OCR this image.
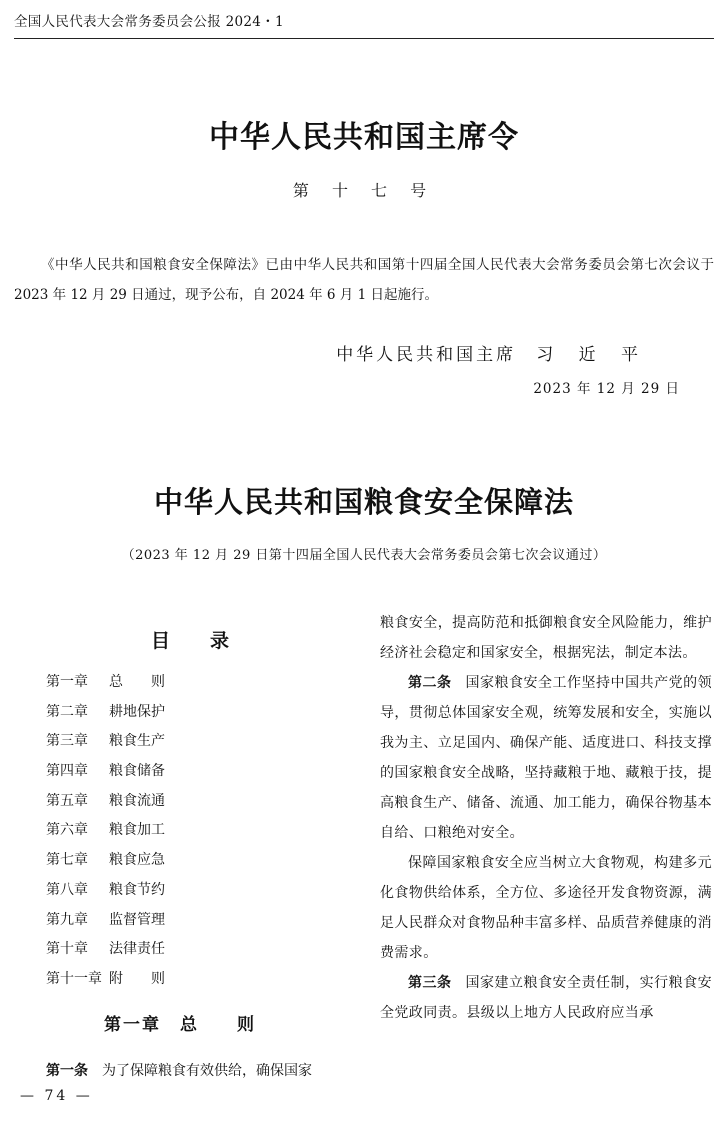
全国人民代表大会常务委员会公报 2024・1
中华人民共和国主席令
第 十 七 号
《中华人民共和国粮食安全保障法》已由中华人民共和国第十四届全国人民代表大会常务委员会第七次会议于 2023 年 12 月 29 日通过，现予公布，自 2024 年 6 月 1 日起施行。
中华人民共和国主席 习 近 平
2023 年 12 月 29 日
中华人民共和国粮食安全保障法
（2023 年 12 月 29 日第十四届全国人民代表大会常务委员会第七次会议通过）
目录
第一章 总　　则
第二章 耕地保护
第三章 粮食生产
第四章 粮食储备
第五章 粮食流通
第六章 粮食加工
第七章 粮食应急
第八章 粮食节约
第九章 监督管理
第十章 法律责任
第十一章 附　　则
第一章　总　　则
第一条 为了保障粮食有效供给，确保国家

粮食安全，提高防范和抵御粮食安全风险能力，维护经济社会稳定和国家安全，根据宪法，制定本法。

第二条 国家粮食安全工作坚持中国共产党的领导，贯彻总体国家安全观，统筹发展和安全，实施以我为主、立足国内、确保产能、适度进口、科技支撑的国家粮食安全战略，坚持藏粮于地、藏粮于技，提高粮食生产、储备、流通、加工能力，确保谷物基本自给、口粮绝对安全。

保障国家粮食安全应当树立大食物观，构建多元化食物供给体系，全方位、多途径开发食物资源，满足人民群众对食物品种丰富多样、品质营养健康的消费需求。

第三条 国家建立粮食安全责任制，实行粮食安全党政同责。县级以上地方人民政府应当承

— 74 —
